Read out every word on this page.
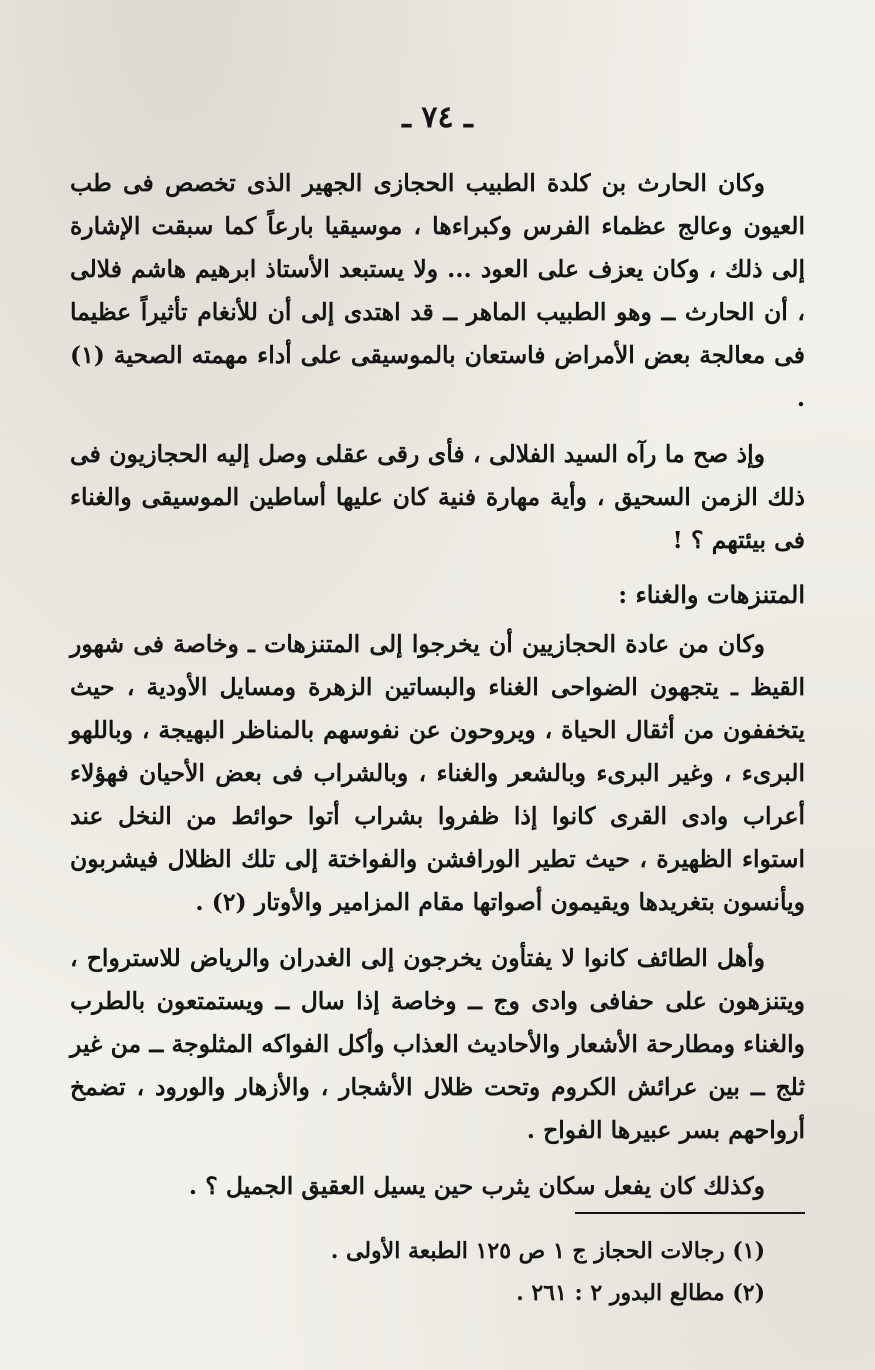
ـ ٧٤ ـ

وكان الحارث بن كلدة الطبيب الحجازى الجهير الذى تخصص فى طب العيون وعالج عظماء الفرس وكبراءها ، موسيقيا بارعاً كما سبقت الإشارة إلى ذلك ، وكان يعزف على العود ... ولا يستبعد الأستاذ ابرهيم هاشم فلالى ، أن الحارث ــ وهو الطبيب الماهر ــ قد اهتدى إلى أن للأنغام تأثيراً عظيما فى معالجة بعض الأمراض فاستعان بالموسيقى على أداء مهمته الصحية (١) .

وإذ صح ما رآه السيد الفلالى ، فأى رقى عقلى وصل إليه الحجازيون فى ذلك الزمن السحيق ، وأية مهارة فنية كان عليها أساطين الموسيقى والغناء فى بيئتهم ؟ !

المتنزهات والغناء :

وكان من عادة الحجازيين أن يخرجوا إلى المتنزهات ـ وخاصة فى شهور القيظ ـ يتجهون الضواحى الغناء والبساتين الزهرة ومسايل الأودية ، حيث يتخففون من أثقال الحياة ، ويروحون عن نفوسهم بالمناظر البهيجة ، وباللهو البرىء ، وغير البرىء وبالشعر والغناء ، وبالشراب فى بعض الأحيان فهؤلاء أعراب وادى القرى كانوا إذا ظفروا بشراب أتوا حوائط من النخل عند استواء الظهيرة ، حيث تطير الورافشن والفواختة إلى تلك الظلال فيشربون ويأنسون بتغريدها ويقيمون أصواتها مقام المزامير والأوتار (٢) .

وأهل الطائف كانوا لا يفتأون يخرجون إلى الغدران والرياض للاسترواح ، ويتنزهون على حفافى وادى وج ــ وخاصة إذا سال ــ ويستمتعون بالطرب والغناء ومطارحة الأشعار والأحاديث العذاب وأكل الفواكه المثلوجة ــ من غير ثلج ــ بين عرائش الكروم وتحت ظلال الأشجار ، والأزهار والورود ، تضمخ أرواحهم بسر عبيرها الفواح .

وكذلك كان يفعل سكان يثرب حين يسيل العقيق الجميل ؟ .

(١) رجالات الحجاز ج ١ ص ١٢٥ الطبعة الأولى .
(٢) مطالع البدور ٢ : ٢٦١ .
